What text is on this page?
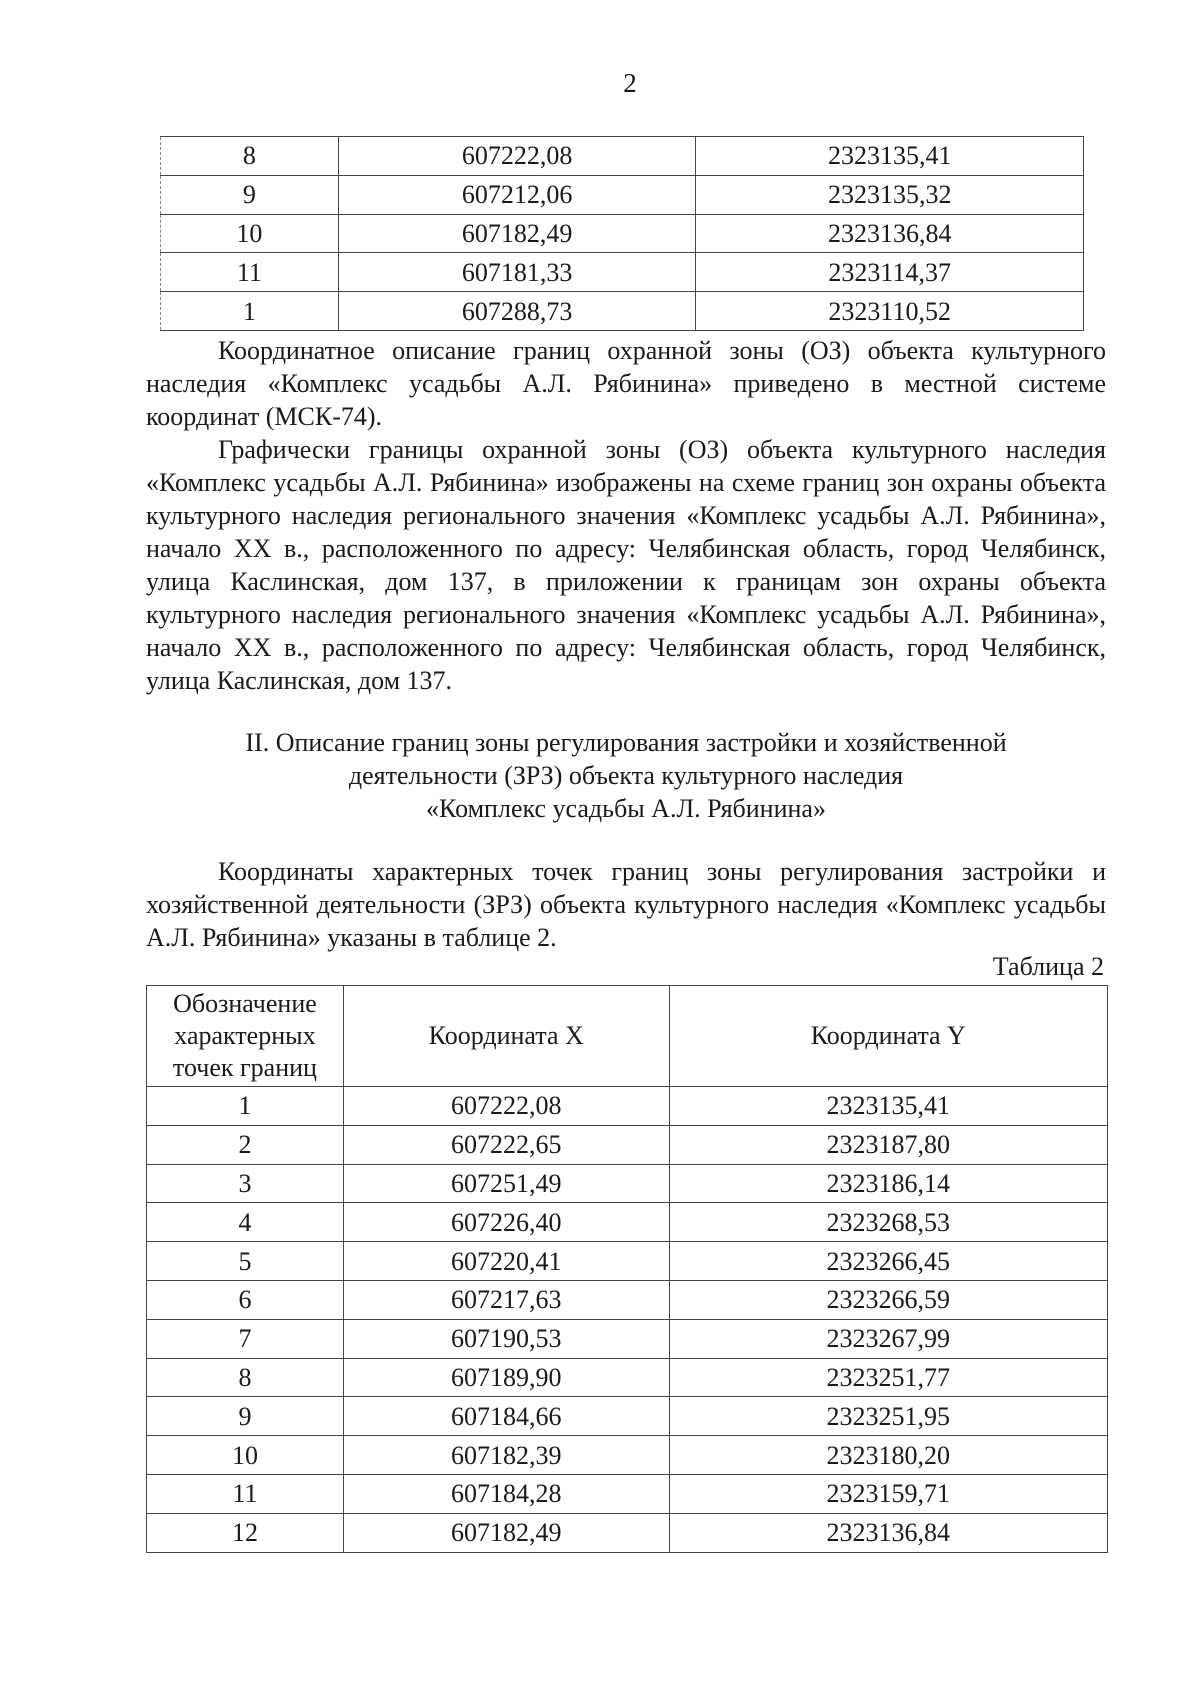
2
8	607222,08	2323135,41
9	607212,06	2323135,32
10	607182,49	2323136,84
11	607181,33	2323114,37
1	607288,73	2323110,52

Координатное описание границ охранной зоны (ОЗ) объекта культурного наследия «Комплекс усадьбы А.Л. Рябинина» приведено в местной системе координат (МСК-74).

Графически границы охранной зоны (ОЗ) объекта культурного наследия «Комплекс усадьбы А.Л. Рябинина» изображены на схеме границ зон охраны объекта культурного наследия регионального значения «Комплекс усадьбы А.Л. Рябинина», начало XX в., расположенного по адресу: Челябинская область, город Челябинск, улица Каслинская, дом 137, в приложении к границам зон охраны объекта культурного наследия регионального значения «Комплекс усадьбы А.Л. Рябинина», начало XX в., расположенного по адресу: Челябинская область, город Челябинск, улица Каслинская, дом 137.

II. Описание границ зоны регулирования застройки и хозяйственной
деятельности (ЗРЗ) объекта культурного наследия
«Комплекс усадьбы А.Л. Рябинина»

Координаты характерных точек границ зоны регулирования застройки и хозяйственной деятельности (ЗРЗ) объекта культурного наследия «Комплекс усадьбы А.Л. Рябинина» указаны в таблице 2.

Таблица 2
Обозначение характерных точек границ	Координата X	Координата Y
1	607222,08	2323135,41
2	607222,65	2323187,80
3	607251,49	2323186,14
4	607226,40	2323268,53
5	607220,41	2323266,45
6	607217,63	2323266,59
7	607190,53	2323267,99
8	607189,90	2323251,77
9	607184,66	2323251,95
10	607182,39	2323180,20
11	607184,28	2323159,71
12	607182,49	2323136,84
